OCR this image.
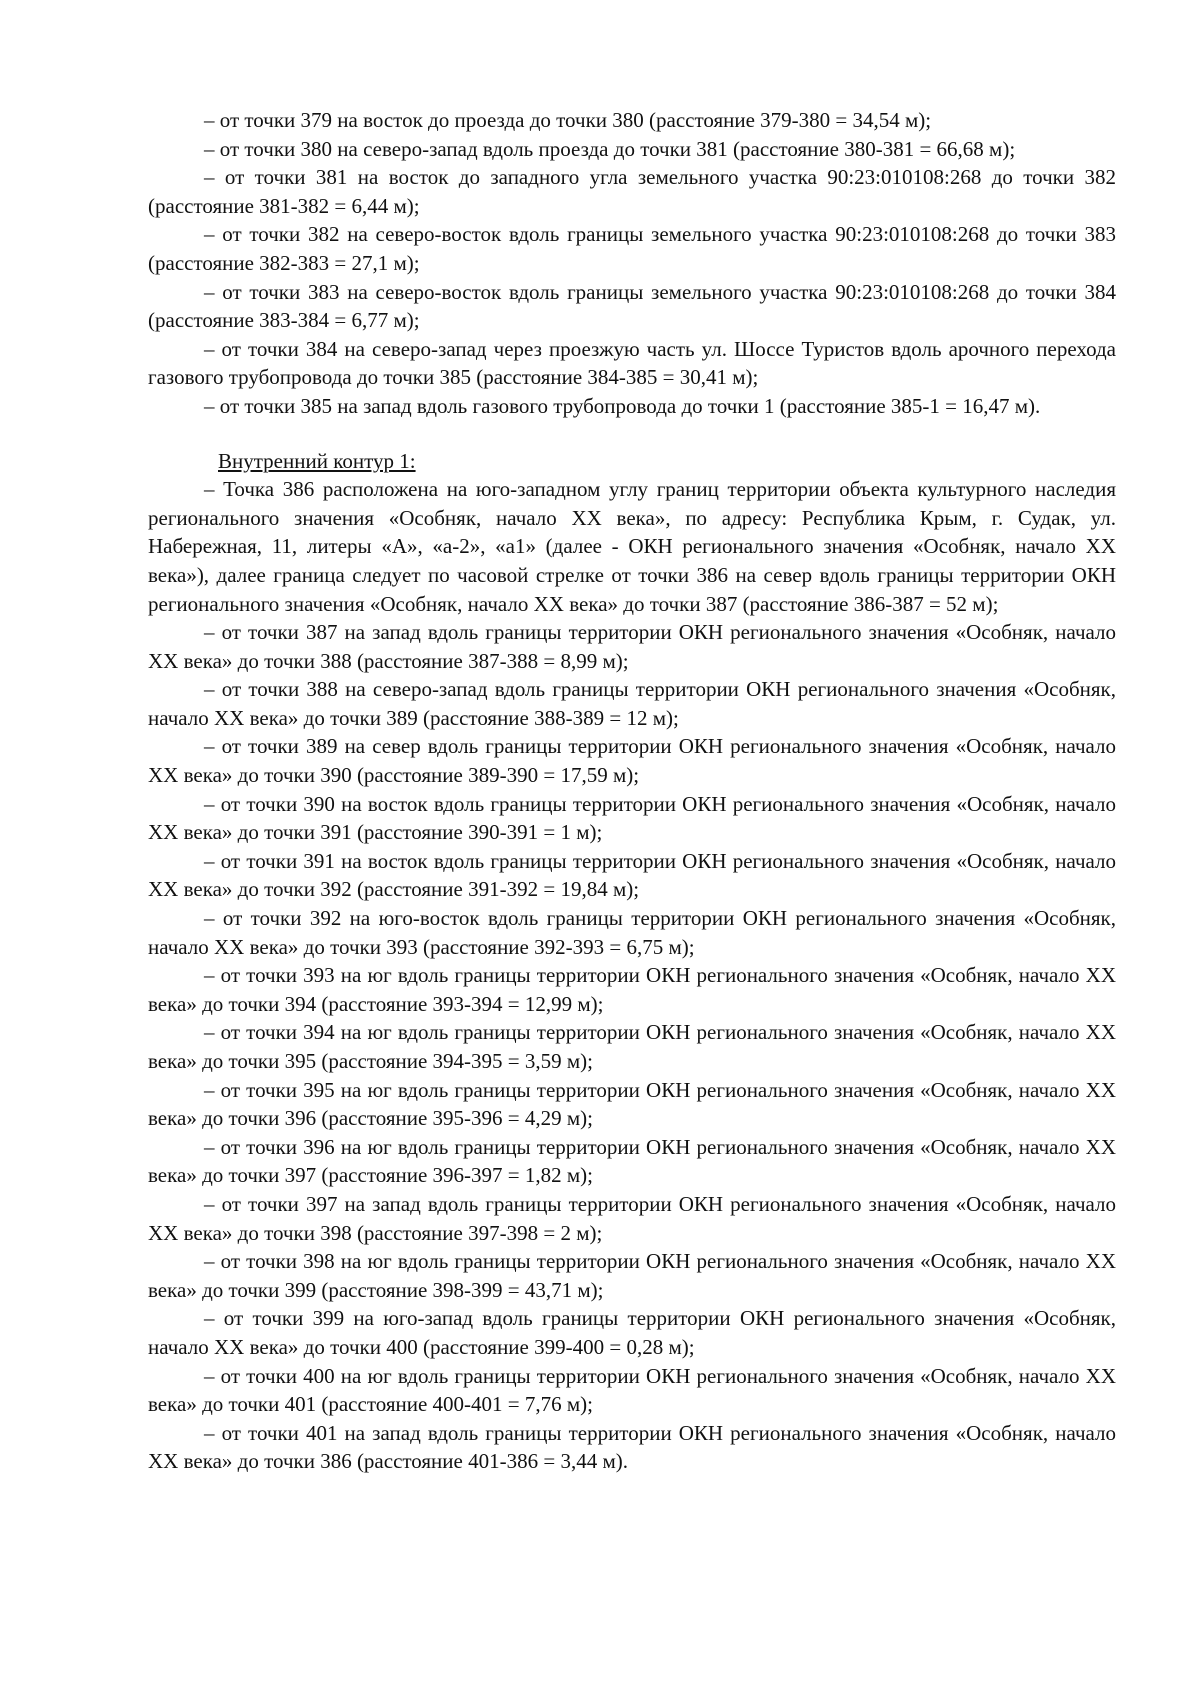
– от точки 379 на восток до проезда до точки 380 (расстояние 379-380 = 34,54 м);

– от точки 380 на северо-запад вдоль проезда до точки 381 (расстояние 380-381 = 66,68 м);

– от точки 381 на восток до западного угла земельного участка 90:23:010108:268 до точки 382 (расстояние 381-382 = 6,44 м);

– от точки 382 на северо-восток вдоль границы земельного участка 90:23:010108:268 до точки 383 (расстояние 382-383 = 27,1 м);

– от точки 383 на северо-восток вдоль границы земельного участка 90:23:010108:268 до точки 384 (расстояние 383-384 = 6,77 м);

– от точки 384 на северо-запад через проезжую часть ул. Шоссе Туристов вдоль арочного перехода газового трубопровода до точки 385 (расстояние 384-385 = 30,41 м);

– от точки 385 на запад вдоль газового трубопровода до точки 1 (расстояние 385-1 = 16,47 м).

Внутренний контур 1:

– Точка 386 расположена на юго-западном углу границ территории объекта культурного наследия регионального значения «Особняк, начало XX века», по адресу: Республика Крым, г. Судак, ул. Набережная, 11, литеры «А», «а-2», «а1» (далее - ОКН регионального значения «Особняк, начало XX века»), далее граница следует по часовой стрелке от точки 386 на север вдоль границы территории ОКН регионального значения «Особняк, начало XX века» до точки 387 (расстояние 386-387 = 52 м);

– от точки 387 на запад вдоль границы территории ОКН регионального значения «Особняк, начало XX века» до точки 388 (расстояние 387-388 = 8,99 м);

– от точки 388 на северо-запад вдоль границы территории ОКН регионального значения «Особняк, начало XX века» до точки 389 (расстояние 388-389 = 12 м);

– от точки 389 на север вдоль границы территории ОКН регионального значения «Особняк, начало XX века» до точки 390 (расстояние 389-390 = 17,59 м);

– от точки 390 на восток вдоль границы территории ОКН регионального значения «Особняк, начало XX века» до точки 391 (расстояние 390-391 = 1 м);

– от точки 391 на восток вдоль границы территории ОКН регионального значения «Особняк, начало XX века» до точки 392 (расстояние 391-392 = 19,84 м);

– от точки 392 на юго-восток вдоль границы территории ОКН регионального значения «Особняк, начало XX века» до точки 393 (расстояние 392-393 = 6,75 м);

– от точки 393 на юг вдоль границы территории ОКН регионального значения «Особняк, начало XX века» до точки 394 (расстояние 393-394 = 12,99 м);

– от точки 394 на юг вдоль границы территории ОКН регионального значения «Особняк, начало XX века» до точки 395 (расстояние 394-395 = 3,59 м);

– от точки 395 на юг вдоль границы территории ОКН регионального значения «Особняк, начало XX века» до точки 396 (расстояние 395-396 = 4,29 м);

– от точки 396 на юг вдоль границы территории ОКН регионального значения «Особняк, начало XX века» до точки 397 (расстояние 396-397 = 1,82 м);

– от точки 397 на запад вдоль границы территории ОКН регионального значения «Особняк, начало XX века» до точки 398 (расстояние 397-398 = 2 м);

– от точки 398 на юг вдоль границы территории ОКН регионального значения «Особняк, начало XX века» до точки 399 (расстояние 398-399 = 43,71 м);

– от точки 399 на юго-запад вдоль границы территории ОКН регионального значения «Особняк, начало XX века» до точки 400 (расстояние 399-400 = 0,28 м);

– от точки 400 на юг вдоль границы территории ОКН регионального значения «Особняк, начало XX века» до точки 401 (расстояние 400-401 = 7,76 м);

– от точки 401 на запад вдоль границы территории ОКН регионального значения «Особняк, начало XX века» до точки 386 (расстояние 401-386 = 3,44 м).
